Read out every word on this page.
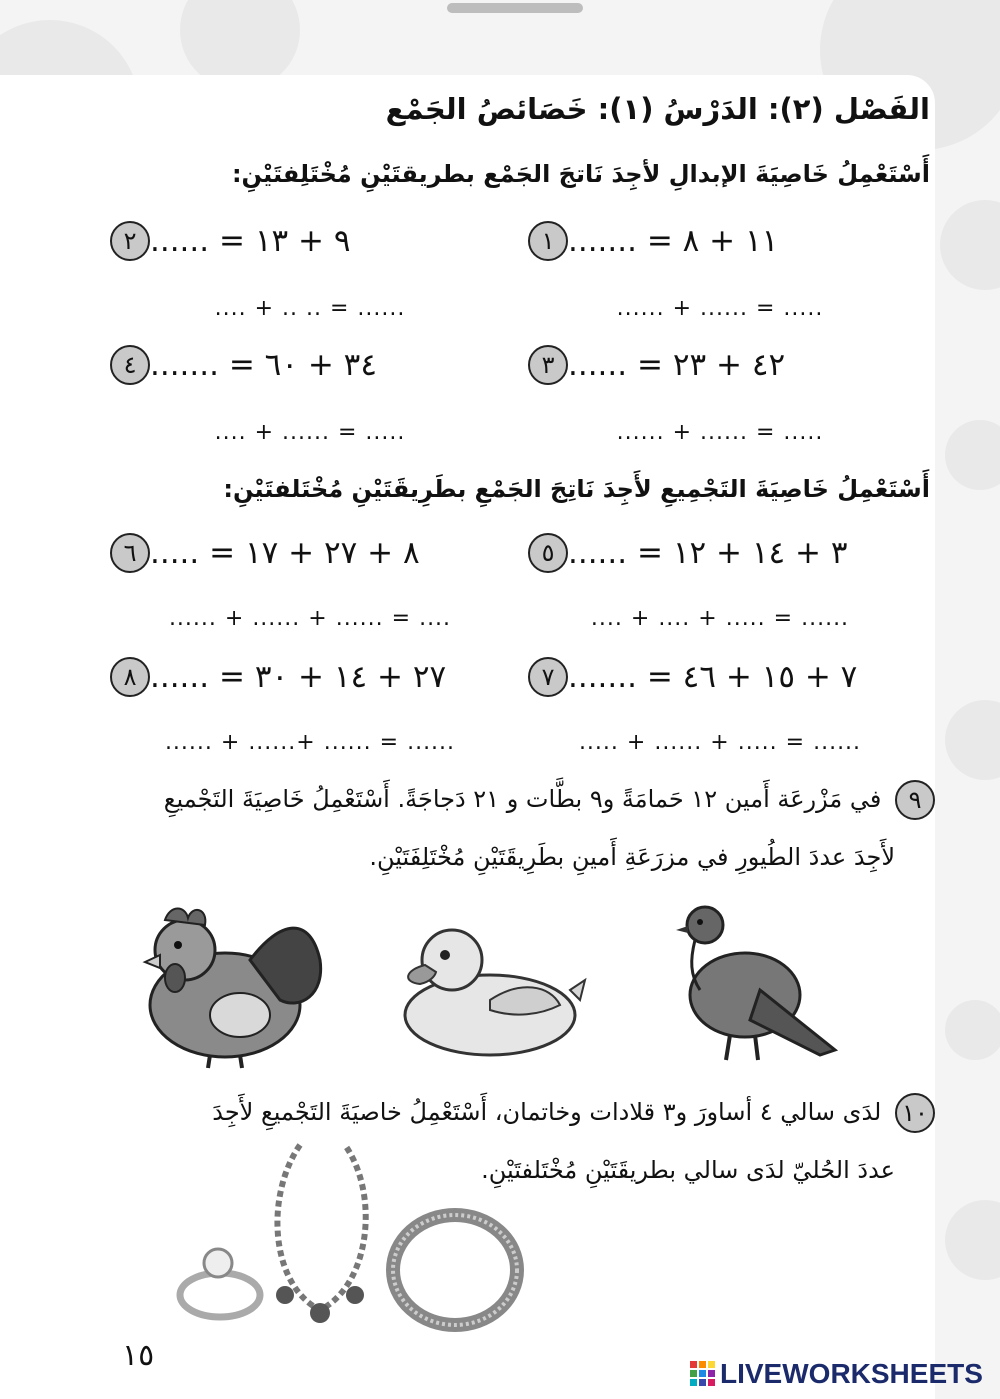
الفَصْل (٢): الدَرْسُ (١): خَصَائصُ الجَمْع
أَسْتَعْمِلُ خَاصِيَةَ الإبدالِ لأجِدَ نَاتجَ الجَمْع بطريقتَيْنِ مُخْتَلِفتَيْنِ:
١ ١١ + ٨ = .......
٢ ٩ + ١٣ = ......
...... + ...... = .....
.... + .. .. = ......
٣ ٤٢ + ٢٣ = ......
٤ ٣٤ + ٦٠ = .......
...... + ...... = .....
.... + ...... = .....
أَسْتَعْمِلُ خَاصِيَةَ التَجْمِيعِ لأَجِدَ نَاتِجَ الجَمْعِ بطَرِيقَتَيْنِ مُخْتَلفتَيْنِ:
٥ ٣ + ١٤ + ١٢ = ......
٦ ٨ + ٢٧ + ١٧ = .....
.... + .... + ..... = ......
...... + ...... + ...... = ....
٧ ٧ + ١٥ + ٤٦ = .......
٨ ٢٧ + ١٤ + ٣٠ = ......
..... + ...... + ..... = ......
...... + ......+ ...... = ......
٩ في مَزْرعَة أَمين ١٢ حَمامَةً و٩ بطَّات و ٢١ دَجاجَةً. أَسْتَعْمِلُ خَاصِيَةَ التَجْميعِ
لأَجِدَ عددَ الطُيورِ في مزرَعَةِ أَمينِ بطَرِيقَتَيْنِ مُخْتَلِفَتَيْنِ.
١٠ لدَى سالي ٤ أساورَ و٣ قلادات وخاتمان، أَسْتَعْمِلُ خاصيَةَ التَجْميعِ لأَجِدَ
عددَ الحُليّ لدَى سالي بطريقَتَيْنِ مُخْتَلفتَيْنِ.
١٥
LIVEWORKSHEETS
